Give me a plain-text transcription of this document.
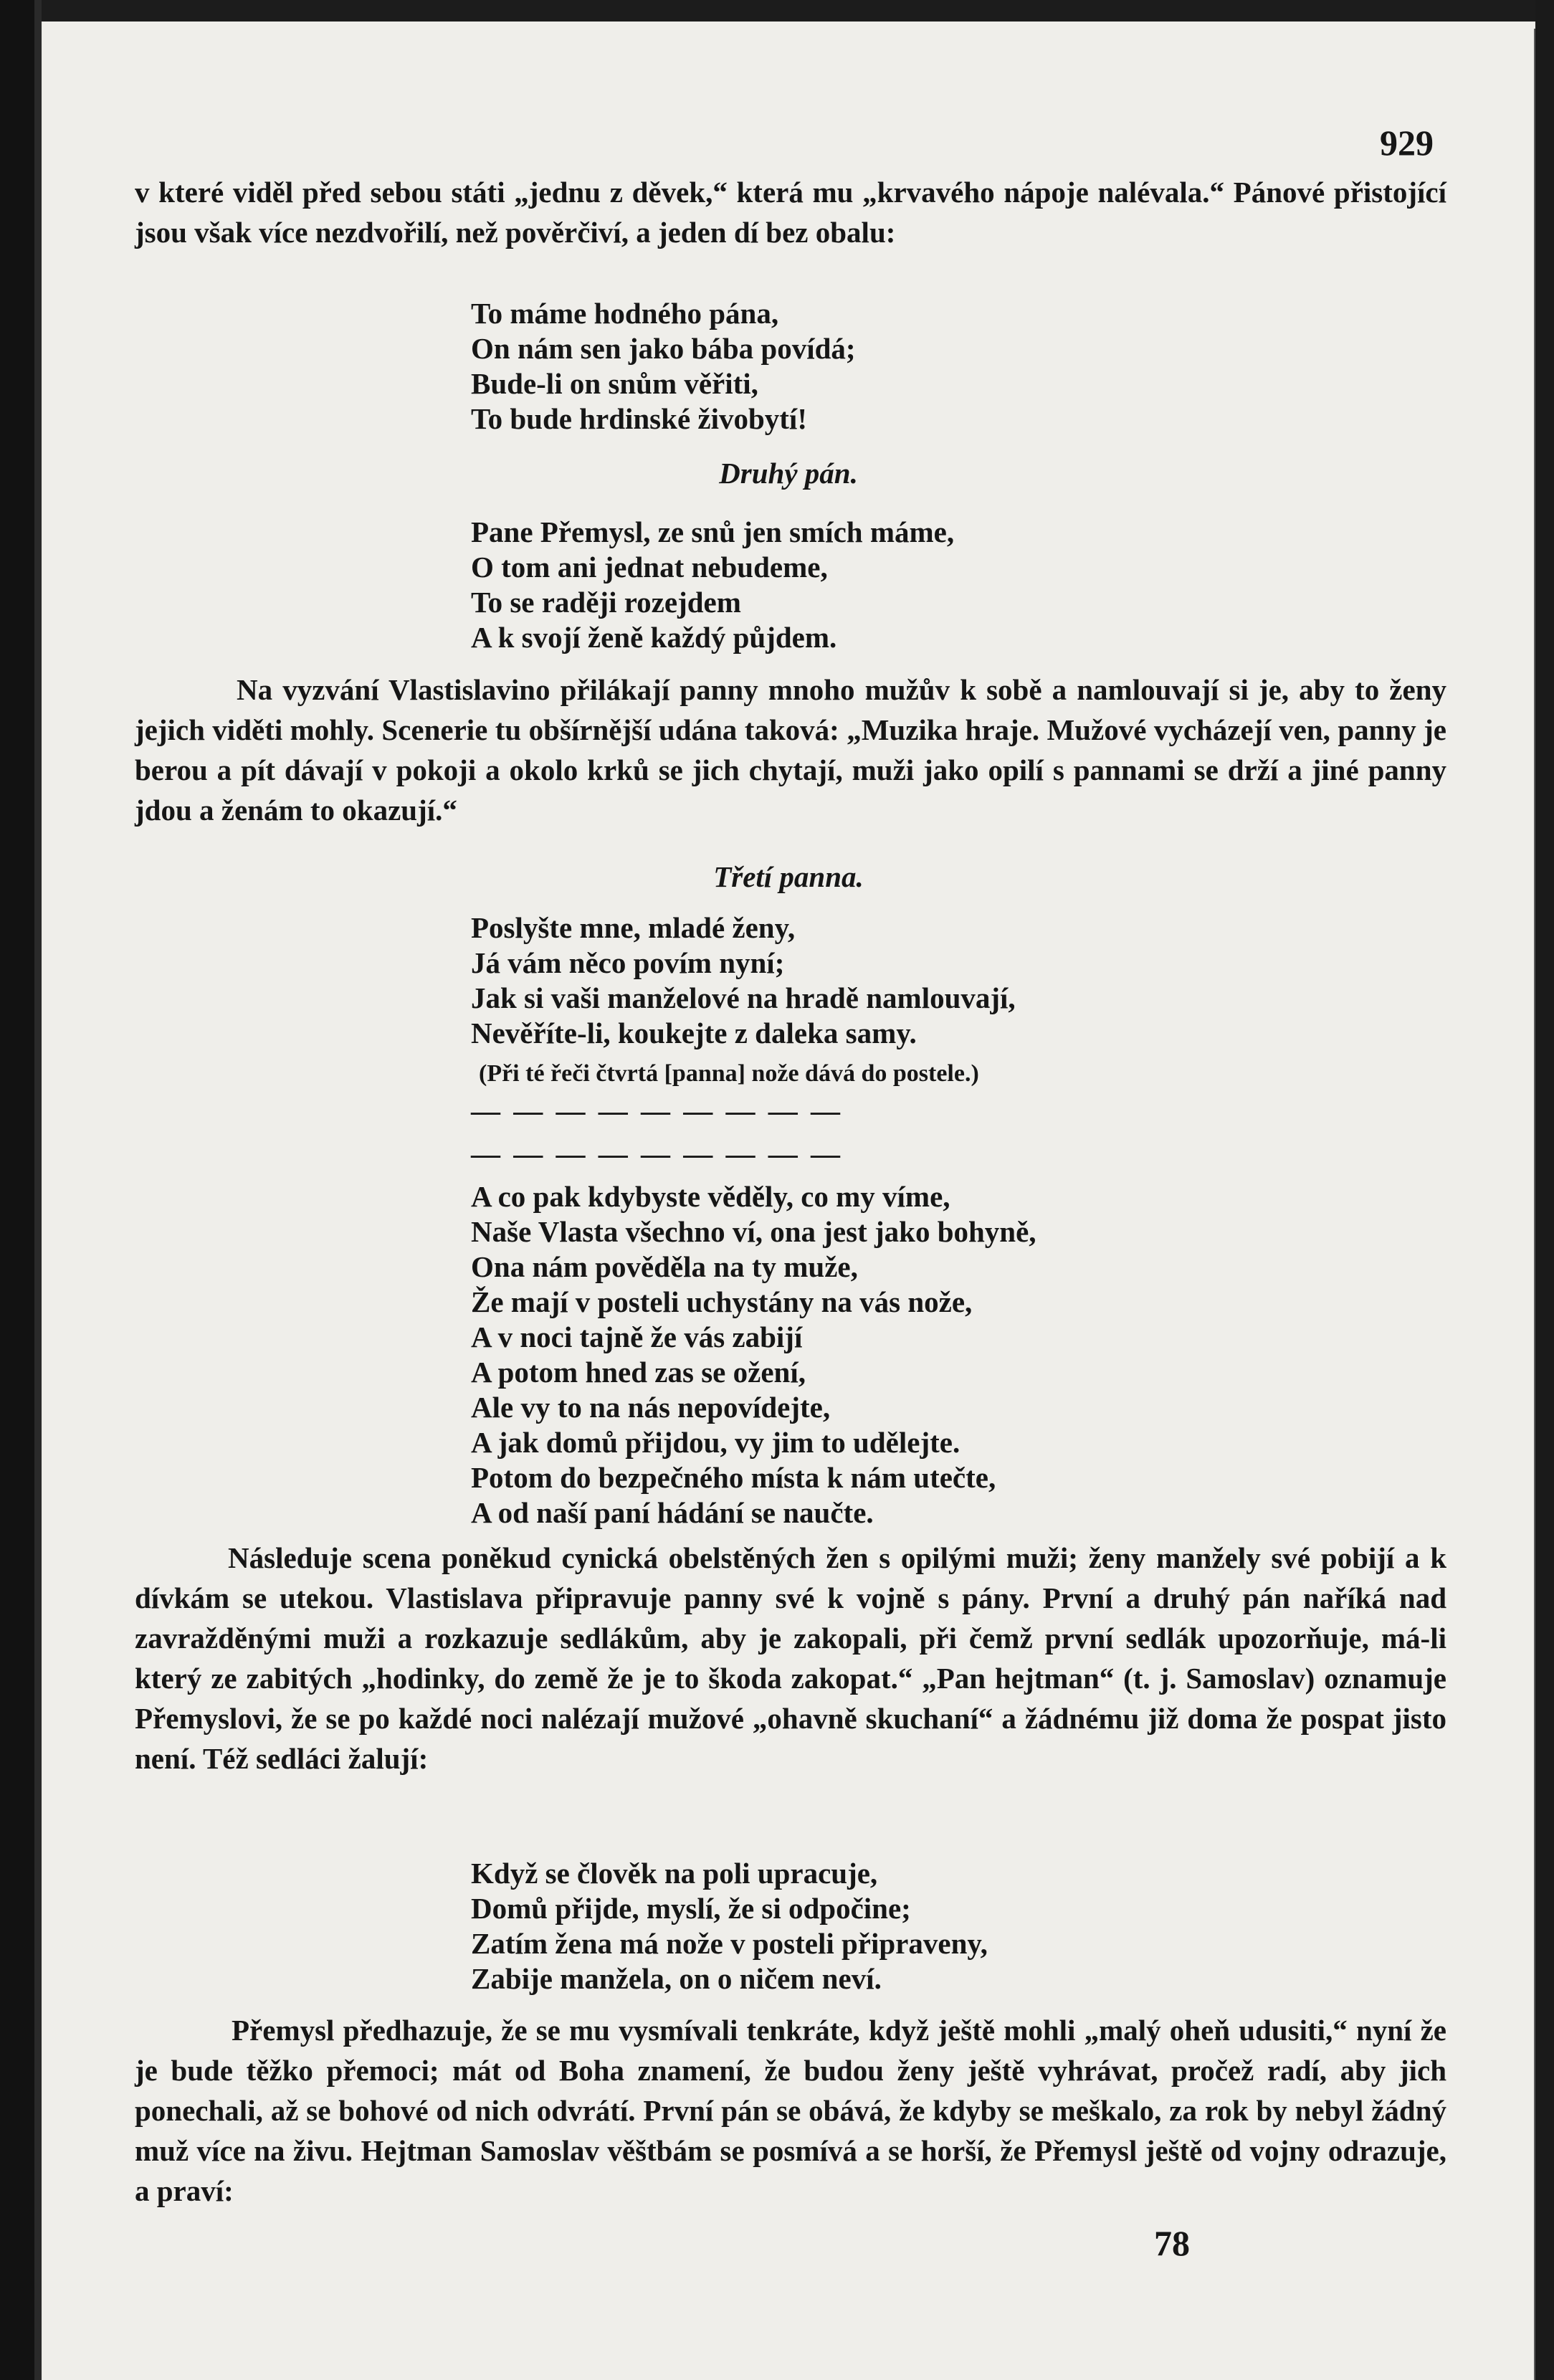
929
v které viděl před sebou státi „jednu z děvek,“ která mu „krvavého nápoje nalévala.“ Pánové přistojící jsou však více nezdvořilí, než pověrčiví, a jeden dí bez obalu:
To máme hodného pána,
On nám sen jako bába povídá;
Bude-li on snům věřiti,
To bude hrdinské živobytí!
Druhý pán.
Pane Přemysl, ze snů jen smích máme,
O tom ani jednat nebudeme,
To se raději rozejdem
A k svojí ženě každý půjdem.
Na vyzvání Vlastislavino přilákají panny mnoho mužův k sobě a namlouvají si je, aby to ženy jejich viděti mohly. Scenerie tu obšírnější udána taková: „Muzika hraje. Mužové vycházejí ven, panny je berou a pít dávají v pokoji a okolo krků se jich chytají, muži jako opilí s pannami se drží a jiné panny jdou a ženám to okazují.“
Třetí panna.
Poslyšte mne, mladé ženy,
Já vám něco povím nyní;
Jak si vaši manželové na hradě namlouvají,
Nevěříte-li, koukejte z daleka samy.
(Při té řeči čtvrtá [panna] nože dává do postele.)
— — — — — — — — —
— — — — — — — — —
A co pak kdybyste věděly, co my víme,
Naše Vlasta všechno ví, ona jest jako bohyně,
Ona nám pověděla na ty muže,
Že mají v posteli uchystány na vás nože,
A v noci tajně že vás zabijí
A potom hned zas se ožení,
Ale vy to na nás nepovídejte,
A jak domů přijdou, vy jim to udělejte.
Potom do bezpečného místa k nám utečte,
A od naší paní hádání se naučte.
Následuje scena poněkud cynická obelstěných žen s opilými muži; ženy manžely své pobijí a k dívkám se utekou. Vlastislava připravuje panny své k vojně s pány. První a druhý pán naříká nad zavražděnými muži a rozkazuje sedlákům, aby je zakopali, při čemž první sedlák upozorňuje, má-li který ze zabitých „hodinky, do země že je to škoda zakopat.“ „Pan hejtman“ (t. j. Samoslav) oznamuje Přemyslovi, že se po každé noci nalézají mužové „ohavně skuchaní“ a žádnému již doma že pospat jisto není. Též sedláci žalují:
Když se člověk na poli upracuje,
Domů přijde, myslí, že si odpočine;
Zatím žena má nože v posteli připraveny,
Zabije manžela, on o ničem neví.
Přemysl předhazuje, že se mu vysmívali tenkráte, když ještě mohli „malý oheň udusiti,“ nyní že je bude těžko přemoci; mát od Boha znamení, že budou ženy ještě vyhrávat, pročež radí, aby jich ponechali, až se bohové od nich odvrátí. První pán se obává, že kdyby se meškalo, za rok by nebyl žádný muž více na živu. Hejtman Samoslav věštbám se posmívá a se horší, že Přemysl ještě od vojny odrazuje, a praví:
78
